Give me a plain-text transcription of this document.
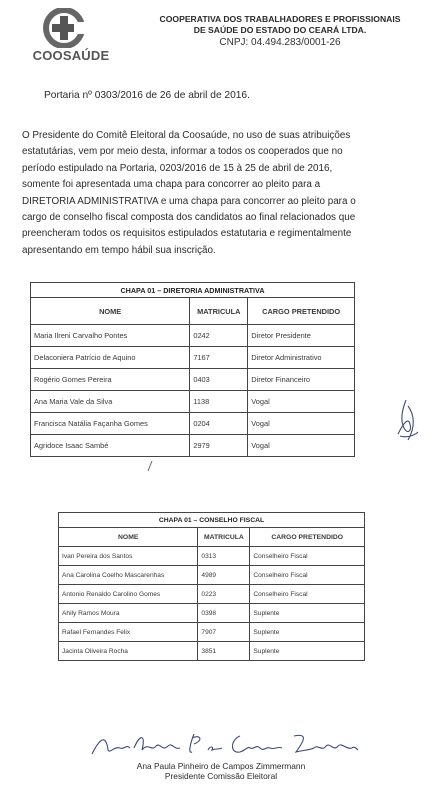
COOSAÚDE
COOPERATIVA DOS TRABALHADORES E PROFISSIONAIS
DE SAÚDE DO ESTADO DO CEARÁ LTDA.
CNPJ: 04.494.283/0001-26
Portaria nº 0303/2016 de 26 de abril de 2016.

O Presidente do Comitê Eleitoral da Coosaúde, no uso de suas atribuições

estatutárias, vem por meio desta, informar a todos os cooperados que no

período estipulado na Portaria, 0203/2016 de 15 à 25 de abril de 2016,

somente foi apresentada uma chapa para concorrer ao pleito para a

DIRETORIA ADMINISTRATIVA e uma chapa para concorrer ao pleito para o

cargo de conselho fiscal composta dos candidatos ao final relacionados que

preencheram todos os requisitos estipulados estatutaria e regimentalmente

apresentando em tempo hábil sua inscrição.

CHAPA 01 – DIRETORIA ADMINISTRATIVA		
NOME	MATRICULA	CARGO PRETENDIDO
Maria Ilreni Carvalho Pontes	0242	Diretor Presidente
Delaconiera Patrício de Aquino	7167	Diretor Administrativo
Rogério Gomes Pereira	0403	Diretor Financeiro
Ana Maria Vale da Silva	1138	Vogal
Francisca Natália Façanha Gomes	0204	Vogal
Agridoce Isaac Sambé	2979	Vogal
CHAPA 01 – CONSELHO FISCAL		
NOME	MATRICULA	CARGO PRETENDIDO
Ivan Pereira dos Santos	0313	Conselheiro Fiscal
Ana Carolina Coelho Mascarenhas	4989	Conselheiro Fiscal
Antonio Renaldo Carolino Gomes	0223	Conselheiro Fiscal
Ahily Ramos Moura	0398	Suplente
Rafael Fernandes Felix	7907	Suplente
Jacinta Oliveira Rocha	3851	Suplente
Ana Paula Pinheiro de Campos Zimmermann
Presidente Comissão Eleitoral
